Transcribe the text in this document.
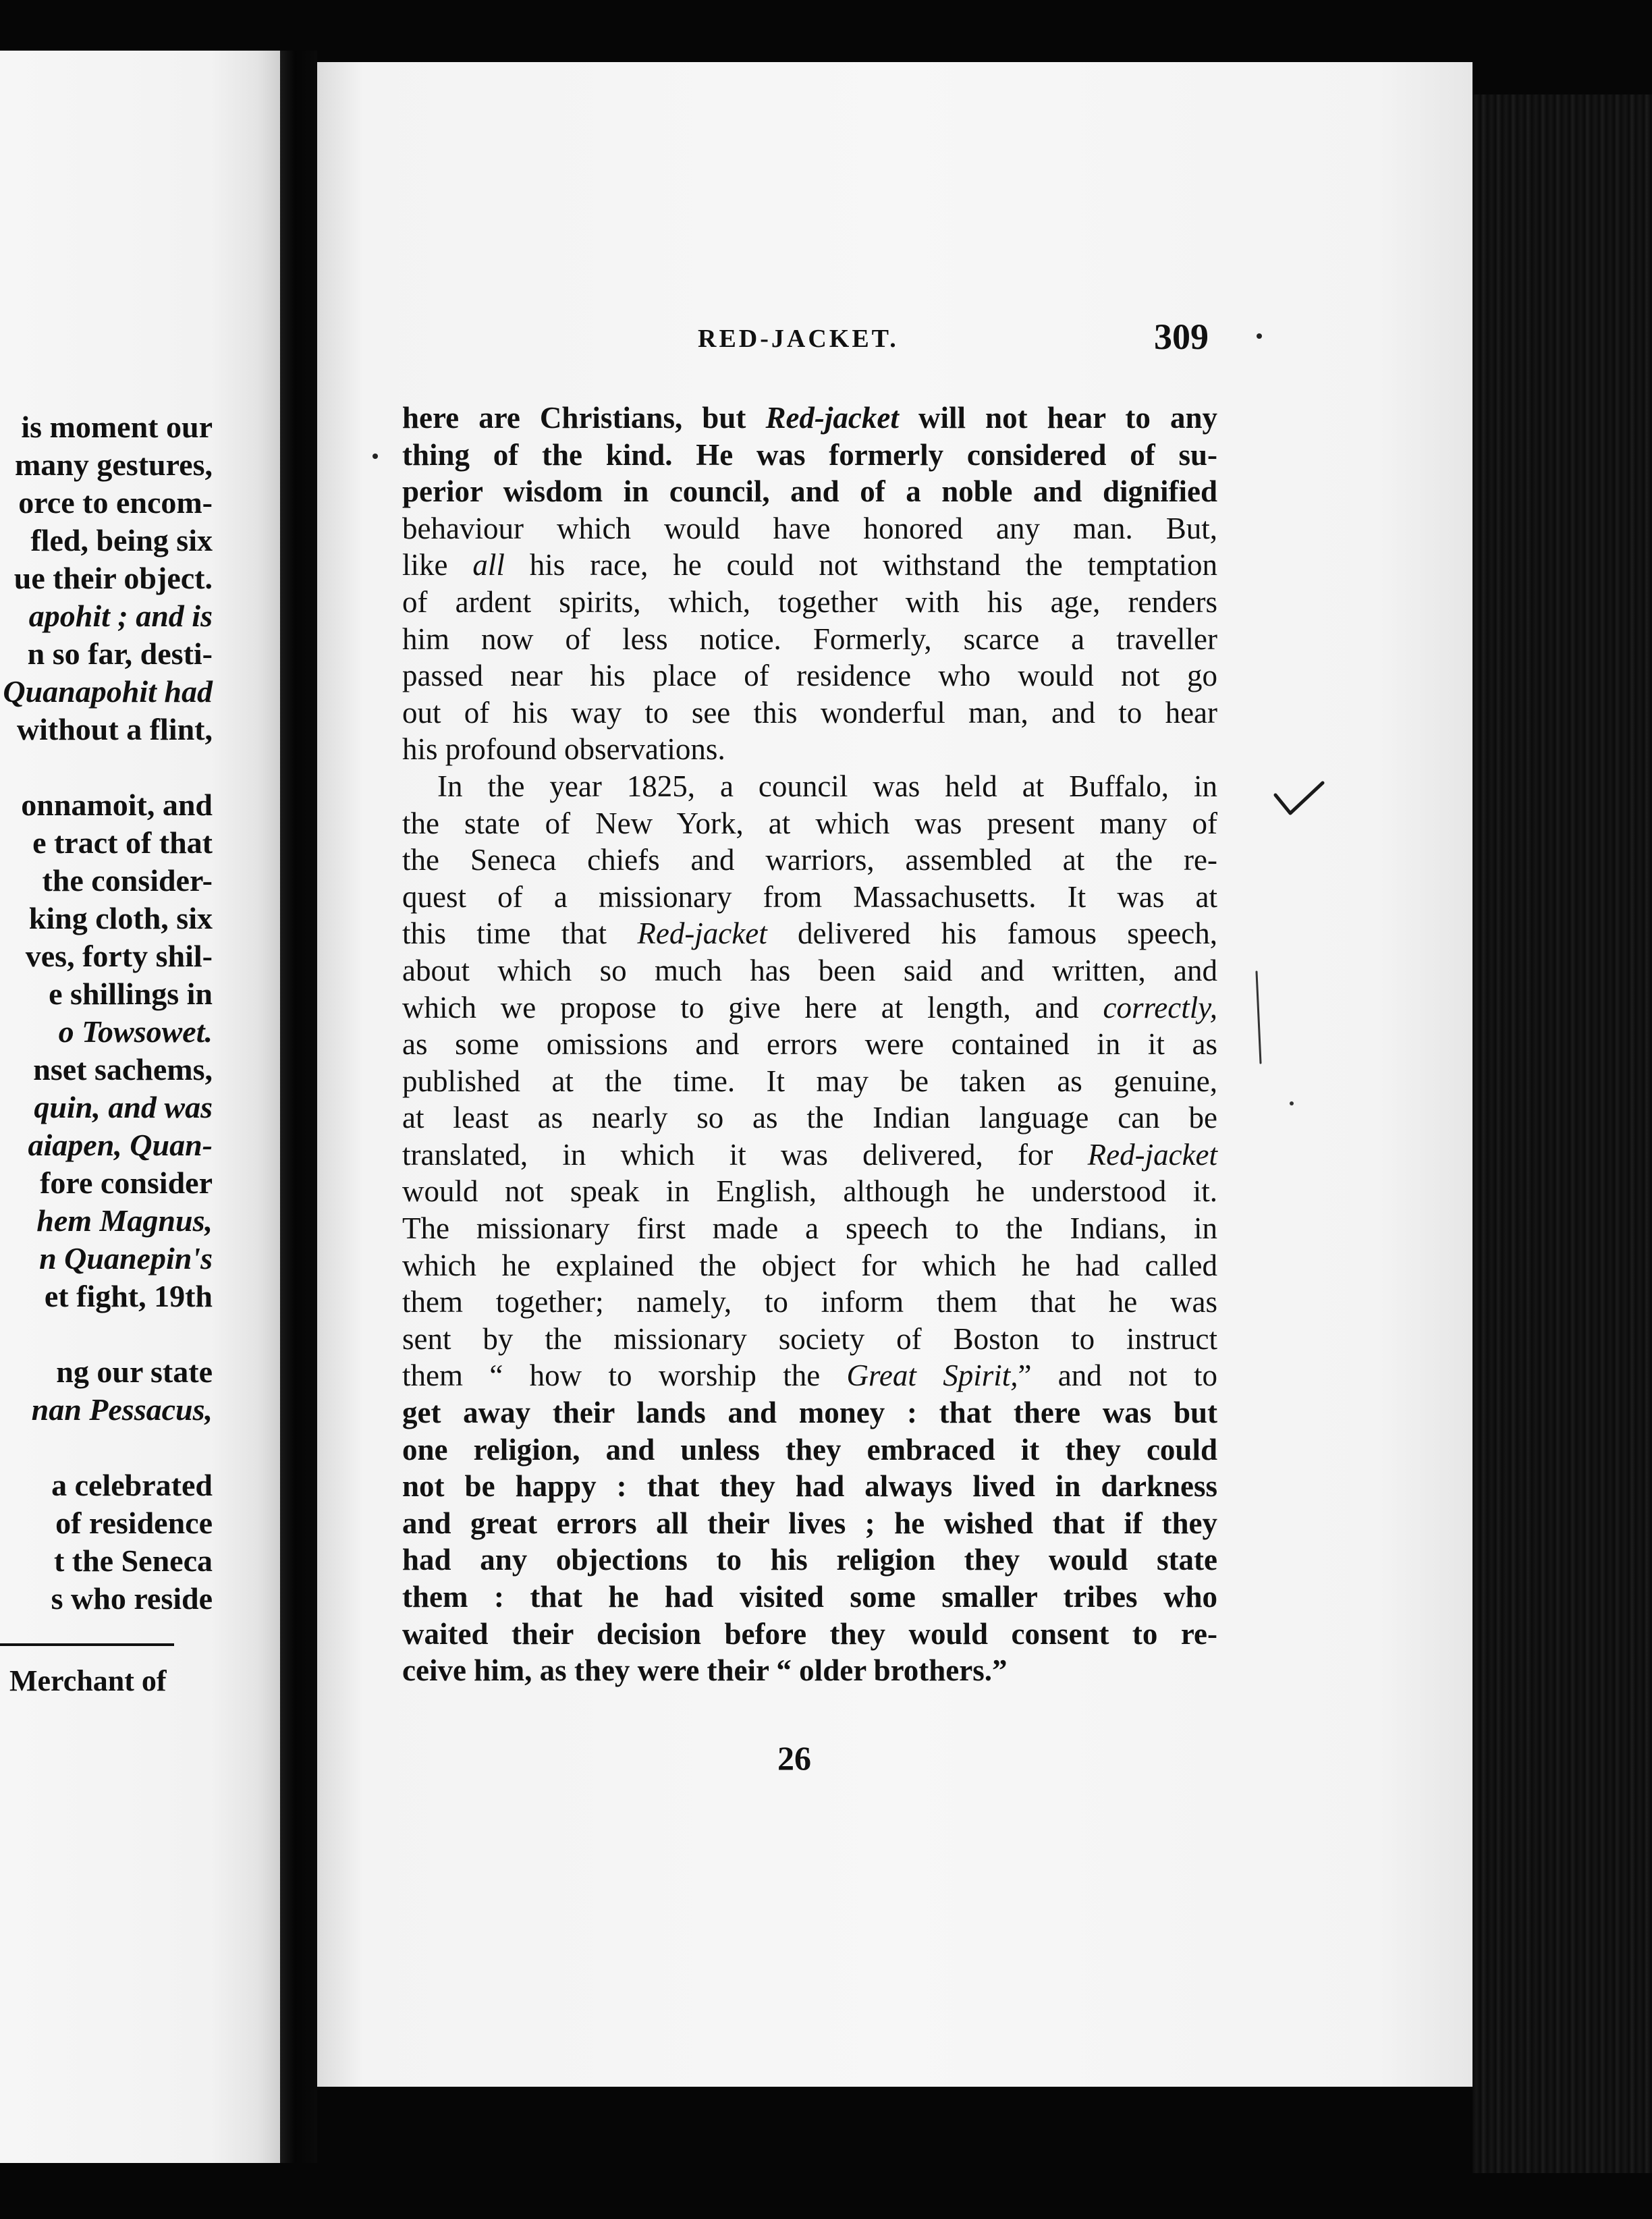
is moment our
many gestures,
orce to encom-
fled, being six
ue their object.
apohit ; and is
n so far, desti-
Quanapohit had
without a flint,
onnamoit, and
e tract of that
the consider-
king cloth, six
ves, forty shil-
e shillings in
o Towsowet.
nset sachems,
quin, and was
aiapen, Quan-
fore consider
hem Magnus,
n Quanepin's
et fight, 19th
ng our state
nan Pessacus,
a celebrated
of residence
t the Seneca
s who reside
Merchant of
RED-JACKET.	309
here are Christians, but Red-jacket will not hear to any
thing of the kind. He was formerly considered of su-
perior wisdom in council, and of a noble and dignified
behaviour which would have honored any man. But,
like all his race, he could not withstand the temptation
of ardent spirits, which, together with his age, renders
him now of less notice. Formerly, scarce a traveller
passed near his place of residence who would not go
out of his way to see this wonderful man, and to hear
his profound observations.
In the year 1825, a council was held at Buffalo, in
the state of New York, at which was present many of
the Seneca chiefs and warriors, assembled at the re-
quest of a missionary from Massachusetts. It was at
this time that Red-jacket delivered his famous speech,
about which so much has been said and written, and
which we propose to give here at length, and correctly,
as some omissions and errors were contained in it as
published at the time. It may be taken as genuine,
at least as nearly so as the Indian language can be
translated, in which it was delivered, for Red-jacket
would not speak in English, although he understood it.
The missionary first made a speech to the Indians, in
which he explained the object for which he had called
them together; namely, to inform them that he was
sent by the missionary society of Boston to instruct
them “ how to worship the Great Spirit,” and not to
get away their lands and money : that there was but
one religion, and unless they embraced it they could
not be happy : that they had always lived in darkness
and great errors all their lives ; he wished that if they
had any objections to his religion they would state
them : that he had visited some smaller tribes who
waited their decision before they would consent to re-
ceive him, as they were their “ older brothers.”
26
